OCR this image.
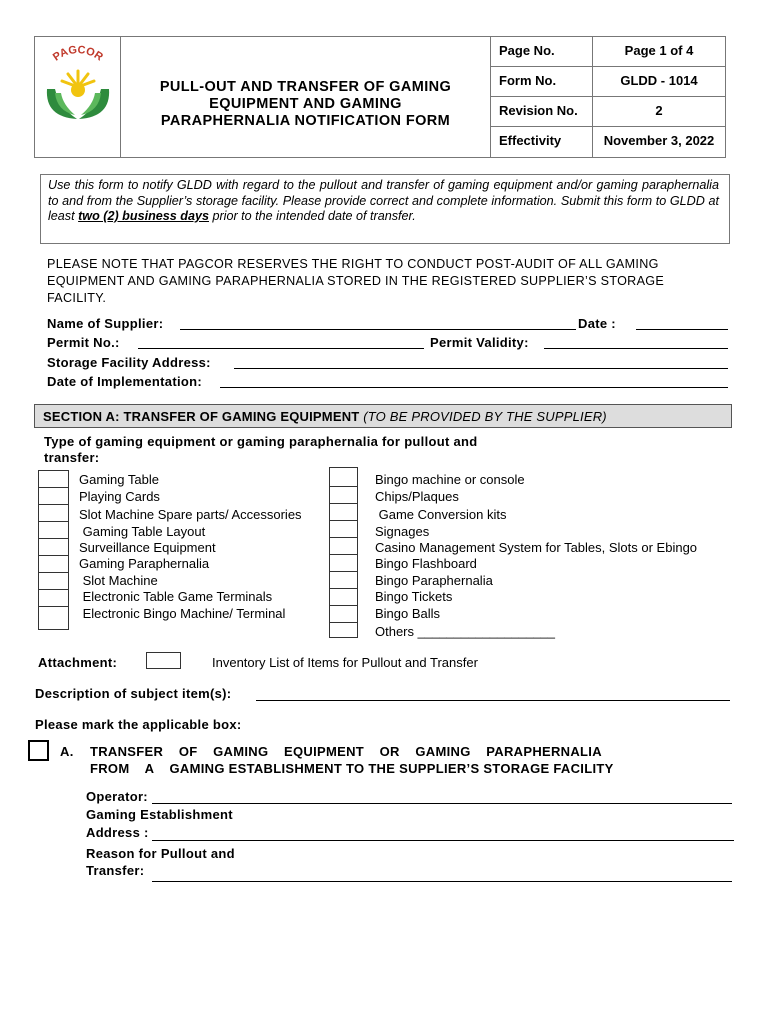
PAGCOR
PULL-OUT AND TRANSFER OF GAMING
EQUIPMENT AND GAMING
PARAPHERNALIA NOTIFICATION FORM
Page No.	Page 1 of 4
Form No.	GLDD - 1014
Revision No.	2
Effectivity	November 3, 2022
Use this form to notify GLDD with regard to the pullout and transfer of gaming equipment and/or gaming paraphernalia to and from the Supplier’s storage facility. Please provide correct and complete information. Submit this form to GLDD at least two (2) business days prior to the intended date of transfer.
PLEASE NOTE THAT PAGCOR RESERVES THE RIGHT TO CONDUCT POST-AUDIT OF ALL GAMING EQUIPMENT AND GAMING PARAPHERNALIA STORED IN THE REGISTERED SUPPLIER’S STORAGE FACILITY.
Name of Supplier:	Date :
Permit No.:	Permit Validity:
Storage Facility Address:
Date of Implementation:
SECTION A: TRANSFER OF GAMING EQUIPMENT (TO BE PROVIDED BY THE SUPPLIER)
Type of gaming equipment or gaming paraphernalia for pullout and
transfer:
Gaming Table
Playing Cards
Slot Machine Spare parts/ Accessories
Gaming Table Layout
Surveillance Equipment
Gaming Paraphernalia
Slot Machine
Electronic Table Game Terminals
Electronic Bingo Machine/ Terminal
Bingo machine or console
Chips/Plaques
Game Conversion kits
Signages
Casino Management System for Tables, Slots or Ebingo
Bingo Flashboard
Bingo Paraphernalia
Bingo Tickets
Bingo Balls
Others ___________________
Attachment:	Inventory List of Items for Pullout and Transfer
Description of subject item(s):
Please mark the applicable box:
A. TRANSFER    OF    GAMING    EQUIPMENT    OR    GAMING    PARAPHERNALIA
FROM    A    GAMING ESTABLISHMENT TO THE SUPPLIER’S STORAGE FACILITY
Operator:
Gaming Establishment
Address :
Reason for Pullout and
Transfer:
